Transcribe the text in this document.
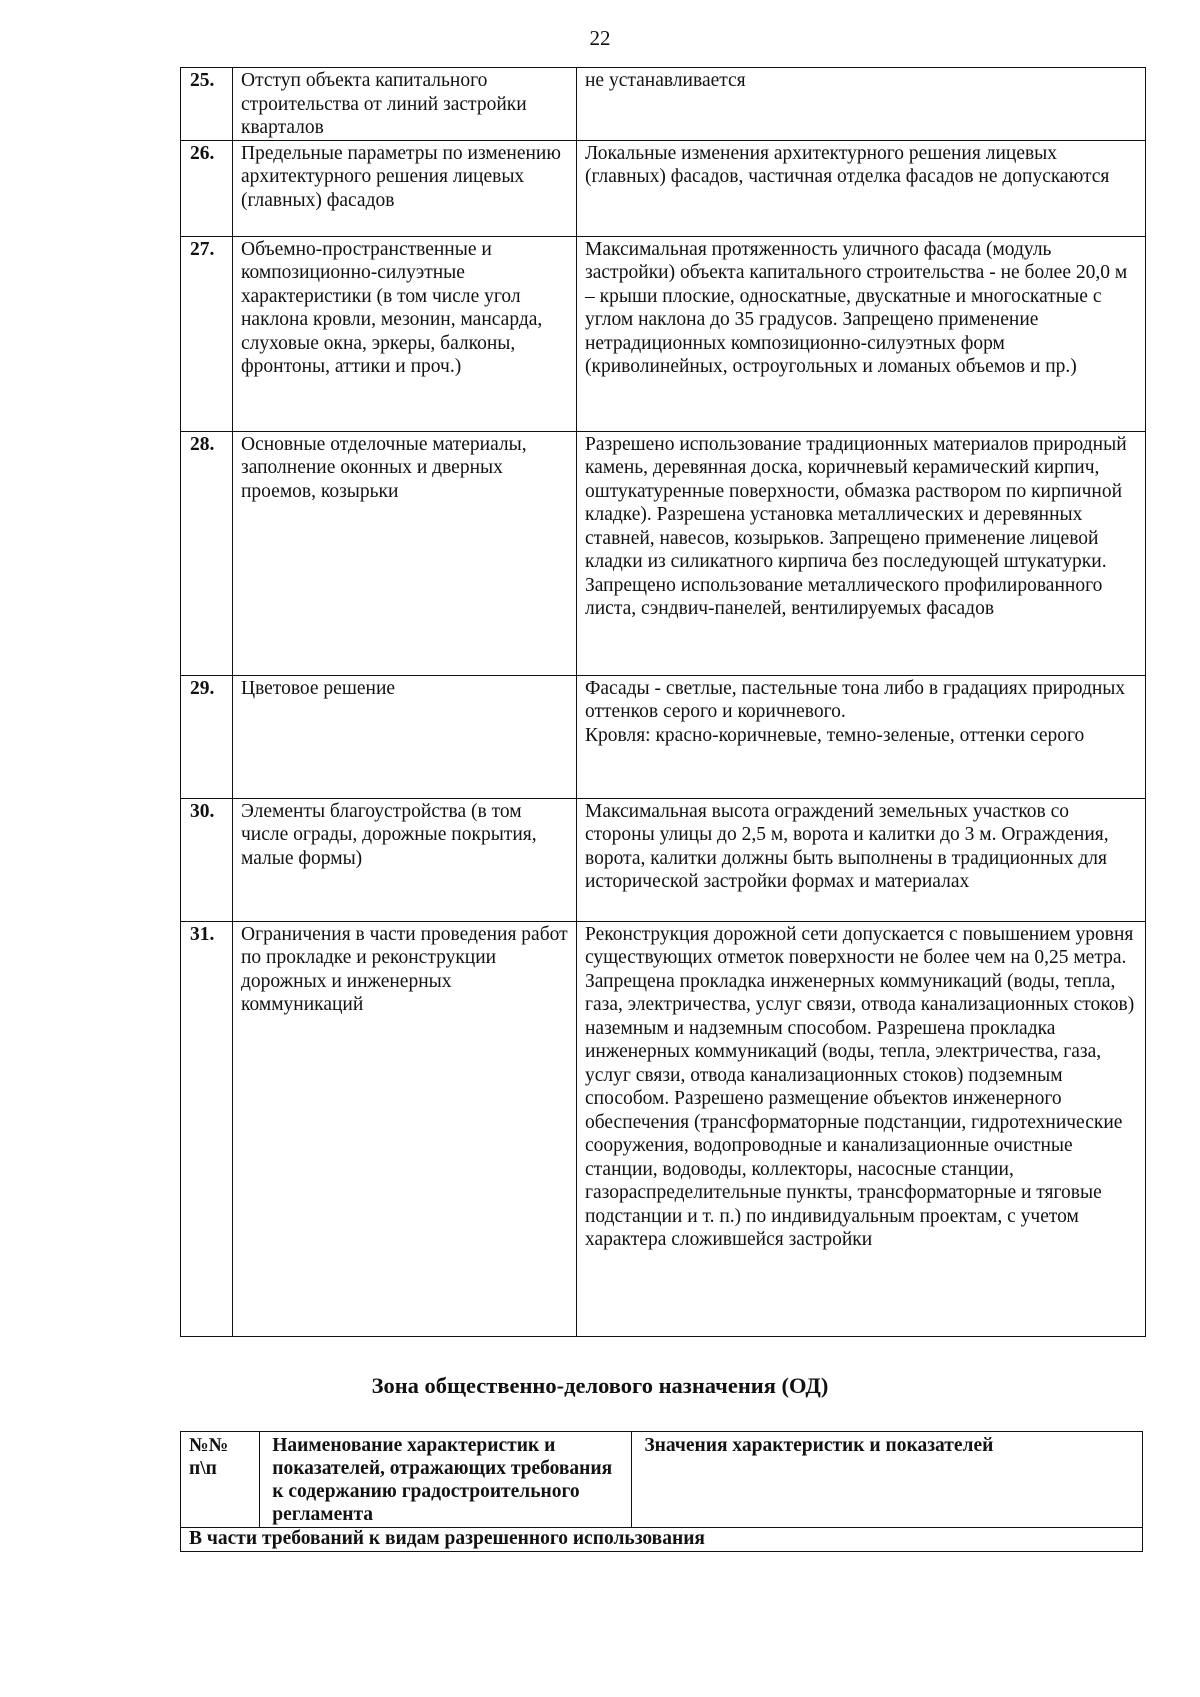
22
25.	Отступ объекта капитального строительства от линий застройки кварталов	не устанавливается

26.	Предельные параметры по изменению архитектурного решения лицевых (главных) фасадов	Локальные изменения архитектурного решения лицевых (главных) фасадов, частичная отделка фасадов не допускаются

27.	Объемно-пространственные и композиционно-силуэтные характеристики (в том числе угол наклона кровли, мезонин, мансарда, слуховые окна, эркеры, балконы, фронтоны, аттики и проч.)	Максимальная протяженность уличного фасада (модуль застройки) объекта капитального строительства - не более 20,0 м – крыши плоские, односкатные, двускатные и многоскатные с углом наклона до 35 градусов. Запрещено применение нетрадиционных композиционно-силуэтных форм (криволинейных, остроугольных и ломаных объемов и пр.)

28.	Основные отделочные материалы, заполнение оконных и дверных проемов, козырьки	Разрешено использование традиционных материалов природный камень, деревянная доска, коричневый керамический кирпич, оштукатуренные поверхности, обмазка раствором по кирпичной кладке). Разрешена установка металлических и деревянных ставней, навесов, козырьков. Запрещено применение лицевой кладки из силикатного кирпича без последующей штукатурки. Запрещено использование металлического профилированного листа, сэндвич-панелей, вентилируемых фасадов

29.	Цветовое решение	Фасады - светлые, пастельные тона либо в градациях природных оттенков серого и коричневого.
Кровля: красно-коричневые, темно-зеленые, оттенки серого

30.	Элементы благоустройства (в том числе ограды, дорожные покрытия, малые формы)	Максимальная высота ограждений земельных участков со стороны улицы до 2,5 м, ворота и калитки до 3 м. Ограждения, ворота, калитки должны быть выполнены в традиционных для исторической застройки формах и материалах

31.	Ограничения в части проведения работ по прокладке и реконструкции дорожных и инженерных коммуникаций	Реконструкция дорожной сети допускается с повышением уровня существующих отметок поверхности не более чем на 0,25 метра. Запрещена прокладка инженерных коммуникаций (воды, тепла, газа, электричества, услуг связи, отвода канализационных стоков) наземным и надземным способом. Разрешена прокладка инженерных коммуникаций (воды, тепла, электричества, газа, услуг связи, отвода канализационных стоков) подземным способом. Разрешено размещение объектов инженерного обеспечения (трансформаторные подстанции, гидротехнические сооружения, водопроводные и канализационные очистные станции, водоводы, коллекторы, насосные станции, газораспределительные пункты, трансформаторные и тяговые подстанции и т. п.) по индивидуальным проектам, с учетом характера сложившейся застройки
Зона общественно-делового назначения (ОД)
№№ п\п	Наименование характеристик и показателей, отражающих требования к содержанию градостроительного регламента	Значения характеристик и показателей
В части требований к видам разрешенного использования
